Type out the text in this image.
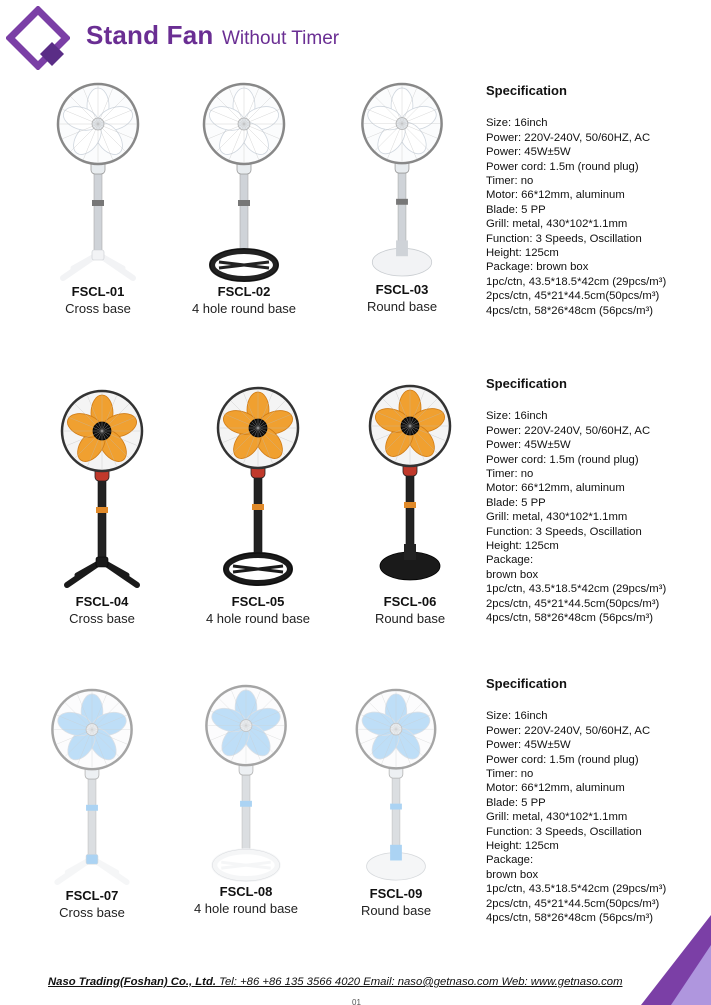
Stand Fan Without Timer
FSCL-01
Cross base
FSCL-02
4 hole round base
FSCL-03
Round base
Specification
Size: 16inch
Power: 220V-240V, 50/60HZ, AC
Power: 45W±5W
Power cord: 1.5m (round plug)
Timer: no
Motor: 66*12mm, aluminum
Blade: 5 PP
Grill: metal, 430*102*1.1mm
Function: 3 Speeds, Oscillation
Height: 125cm
Package: brown box
1pc/ctn, 43.5*18.5*42cm (29pcs/m³)
2pcs/ctn, 45*21*44.5cm(50pcs/m³)
4pcs/ctn, 58*26*48cm (56pcs/m³)
FSCL-04
Cross base
FSCL-05
4 hole round base
FSCL-06
Round base
Specification
Size: 16inch
Power: 220V-240V, 50/60HZ, AC
Power: 45W±5W
Power cord: 1.5m (round plug)
Timer: no
Motor: 66*12mm, aluminum
Blade: 5 PP
Grill: metal, 430*102*1.1mm
Function: 3 Speeds, Oscillation
Height: 125cm
Package:
brown box
1pc/ctn, 43.5*18.5*42cm (29pcs/m³)
2pcs/ctn, 45*21*44.5cm(50pcs/m³)
4pcs/ctn, 58*26*48cm (56pcs/m³)
FSCL-07
Cross base
FSCL-08
4 hole round base
FSCL-09
Round base
Specification
Size: 16inch
Power: 220V-240V, 50/60HZ, AC
Power: 45W±5W
Power cord: 1.5m (round plug)
Timer: no
Motor: 66*12mm, aluminum
Blade: 5 PP
Grill: metal, 430*102*1.1mm
Function: 3 Speeds, Oscillation
Height: 125cm
Package:
brown box
1pc/ctn, 43.5*18.5*42cm (29pcs/m³)
2pcs/ctn, 45*21*44.5cm(50pcs/m³)
4pcs/ctn, 58*26*48cm (56pcs/m³)
Naso Trading(Foshan) Co., Ltd. Tel: +86 +86 135 3566 4020 Email: naso@getnaso.com Web: www.getnaso.com
01
